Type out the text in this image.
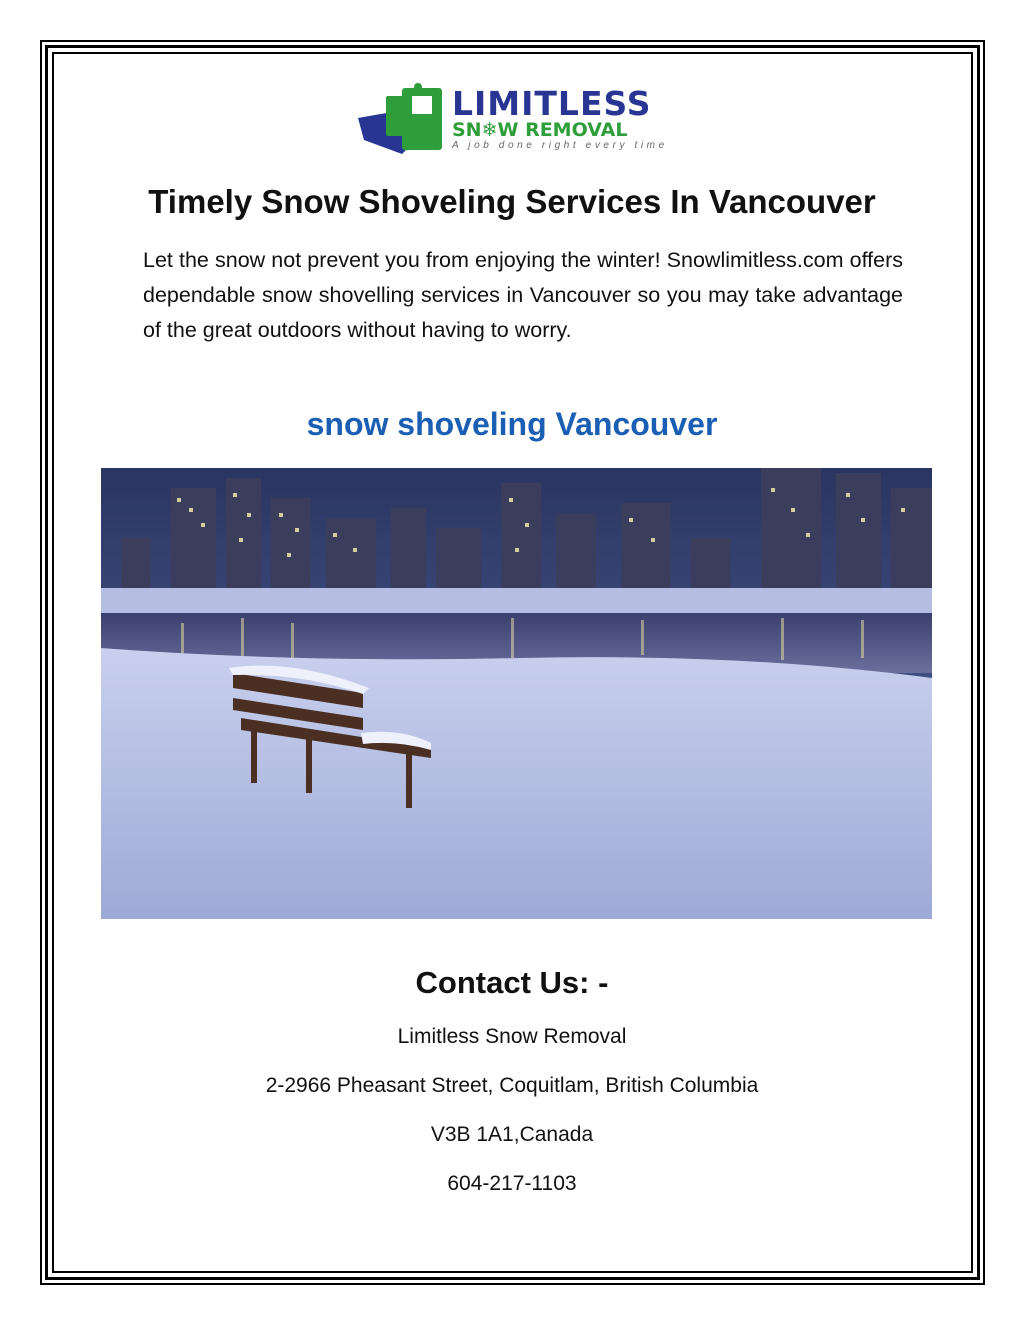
LIMITLESS
SN❄W REMOVAL
A job done right every time
Timely Snow Shoveling Services In Vancouver
Let the snow not prevent you from enjoying the winter! Snowlimitless.com offers dependable snow shovelling services in Vancouver so you may take advantage of the great outdoors without having to worry.
snow shoveling Vancouver
Contact Us: -
Limitless Snow Removal
2-2966 Pheasant Street, Coquitlam, British Columbia
V3B 1A1,Canada
604-217-1103
